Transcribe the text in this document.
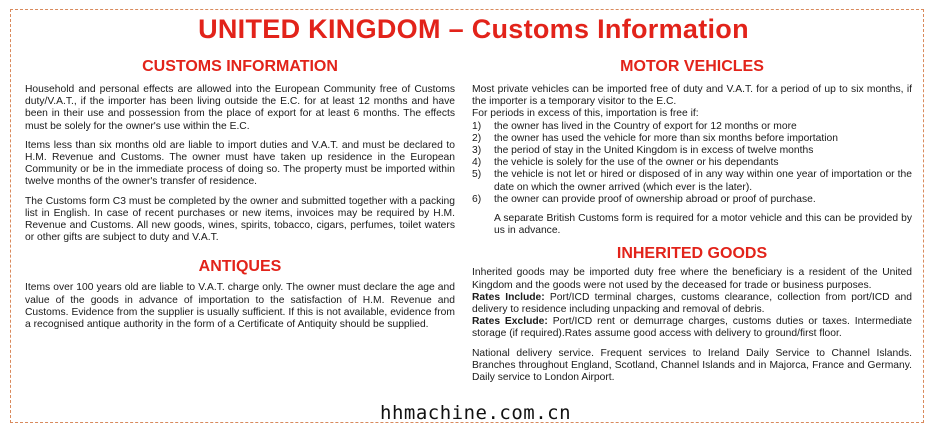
UNITED KINGDOM – Customs Information
CUSTOMS INFORMATION

Household and personal effects are allowed into the European Community free of Customs duty/V.A.T., if the importer has been living outside the E.C. for at least 12 months and have been in their use and possession from the place of export for at least 6 months. The effects must be solely for the owner's use within the E.C.

Items less than six months old are liable to import duties and V.A.T. and must be declared to H.M. Revenue and Customs. The owner must have taken up residence in the European Community or be in the immediate process of doing so. The property must be imported within twelve months of the owner's transfer of residence.

The Customs form C3 must be completed by the owner and submitted together with a packing list in English. In case of recent purchases or new items, invoices may be required by H.M. Revenue and Customs. All new goods, wines, spirits, tobacco, cigars, perfumes, toilet waters or other gifts are subject to duty and V.A.T.

ANTIQUES

Items over 100 years old are liable to V.A.T. charge only. The owner must declare the age and value of the goods in advance of importation to the satisfaction of H.M. Revenue and Customs. Evidence from the supplier is usually sufficient. If this is not available, evidence from a recognised antique authority in the form of a Certificate of Antiquity should be supplied.

MOTOR VEHICLES

Most private vehicles can be imported free of duty and V.A.T. for a period of up to six months, if the importer is a temporary visitor to the E.C.

For periods in excess of this, importation is free if:

1)	the owner has lived in the Country of export for 12 months or more
2)	the owner has used the vehicle for more than six months before importation
3)	the period of stay in the United Kingdom is in excess of twelve months
4)	the vehicle is solely for the use of the owner or his dependants
5)	the vehicle is not let or hired or disposed of in any way within one year of importation or the date on which the owner arrived (which ever is the later).
6)	the owner can provide proof of ownership abroad or proof of purchase.

A separate British Customs form is required for a motor vehicle and this can be provided by us in advance.

INHERITED GOODS

Inherited goods may be imported duty free where the beneficiary is a resident of the United Kingdom and the goods were not used by the deceased for trade or business purposes.

Rates Include: Port/ICD terminal charges, customs clearance, collection from port/ICD and delivery to residence including unpacking and removal of debris.

Rates Exclude: Port/ICD rent or demurrage charges, customs duties or taxes. Intermediate storage (if required).Rates assume good access with delivery to ground/first floor.

National delivery service. Frequent services to Ireland Daily Service to Channel Islands. Branches throughout England, Scotland, Channel Islands and in Majorca, France and Germany. Daily service to London Airport.

hhmachine.com.cn
